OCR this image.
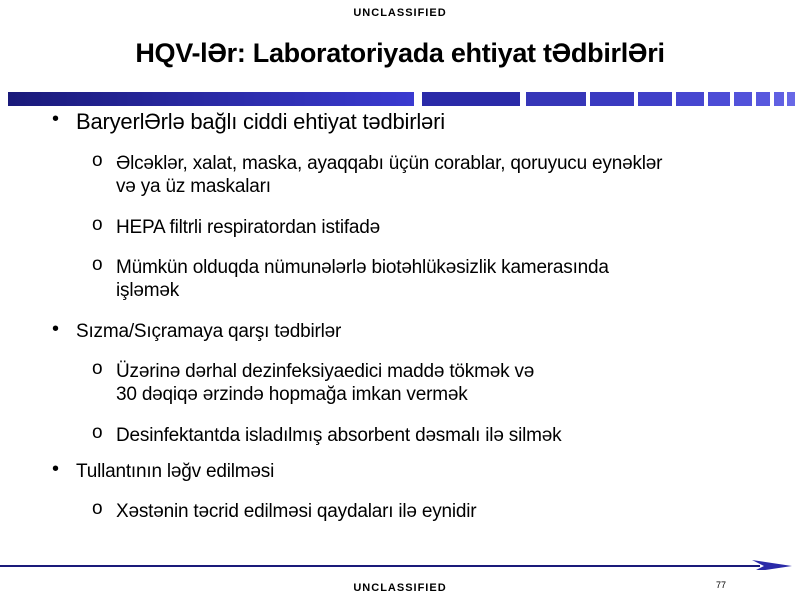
UNCLASSIFIED
HQV-lƏr: Laboratoriyada ehtiyat tƏdbirlƏri
• BaryerlƏrlə bağlı ciddi ehtiyat tədbirləri
o Əlcəklər, xalat, maska, ayaqqabı üçün corablar, qoruyucu eynəklər
və ya üz maskaları
o HEPA filtrli respiratordan istifadə
o Mümkün olduqda nümunələrlə biotəhlükəsizlik kamerasında
işləmək
• Sızma/Sıçramaya qarşı tədbirlər
o Üzərinə dərhal dezinfeksiyaedici maddə tökmək və
30 dəqiqə ərzində hopmağa imkan vermək
o Desinfektantda isladılmış absorbent dəsmalı ilə silmək
• Tullantının ləğv edilməsi
o Xəstənin təcrid edilməsi qaydaları ilə eynidir
UNCLASSIFIED	77
